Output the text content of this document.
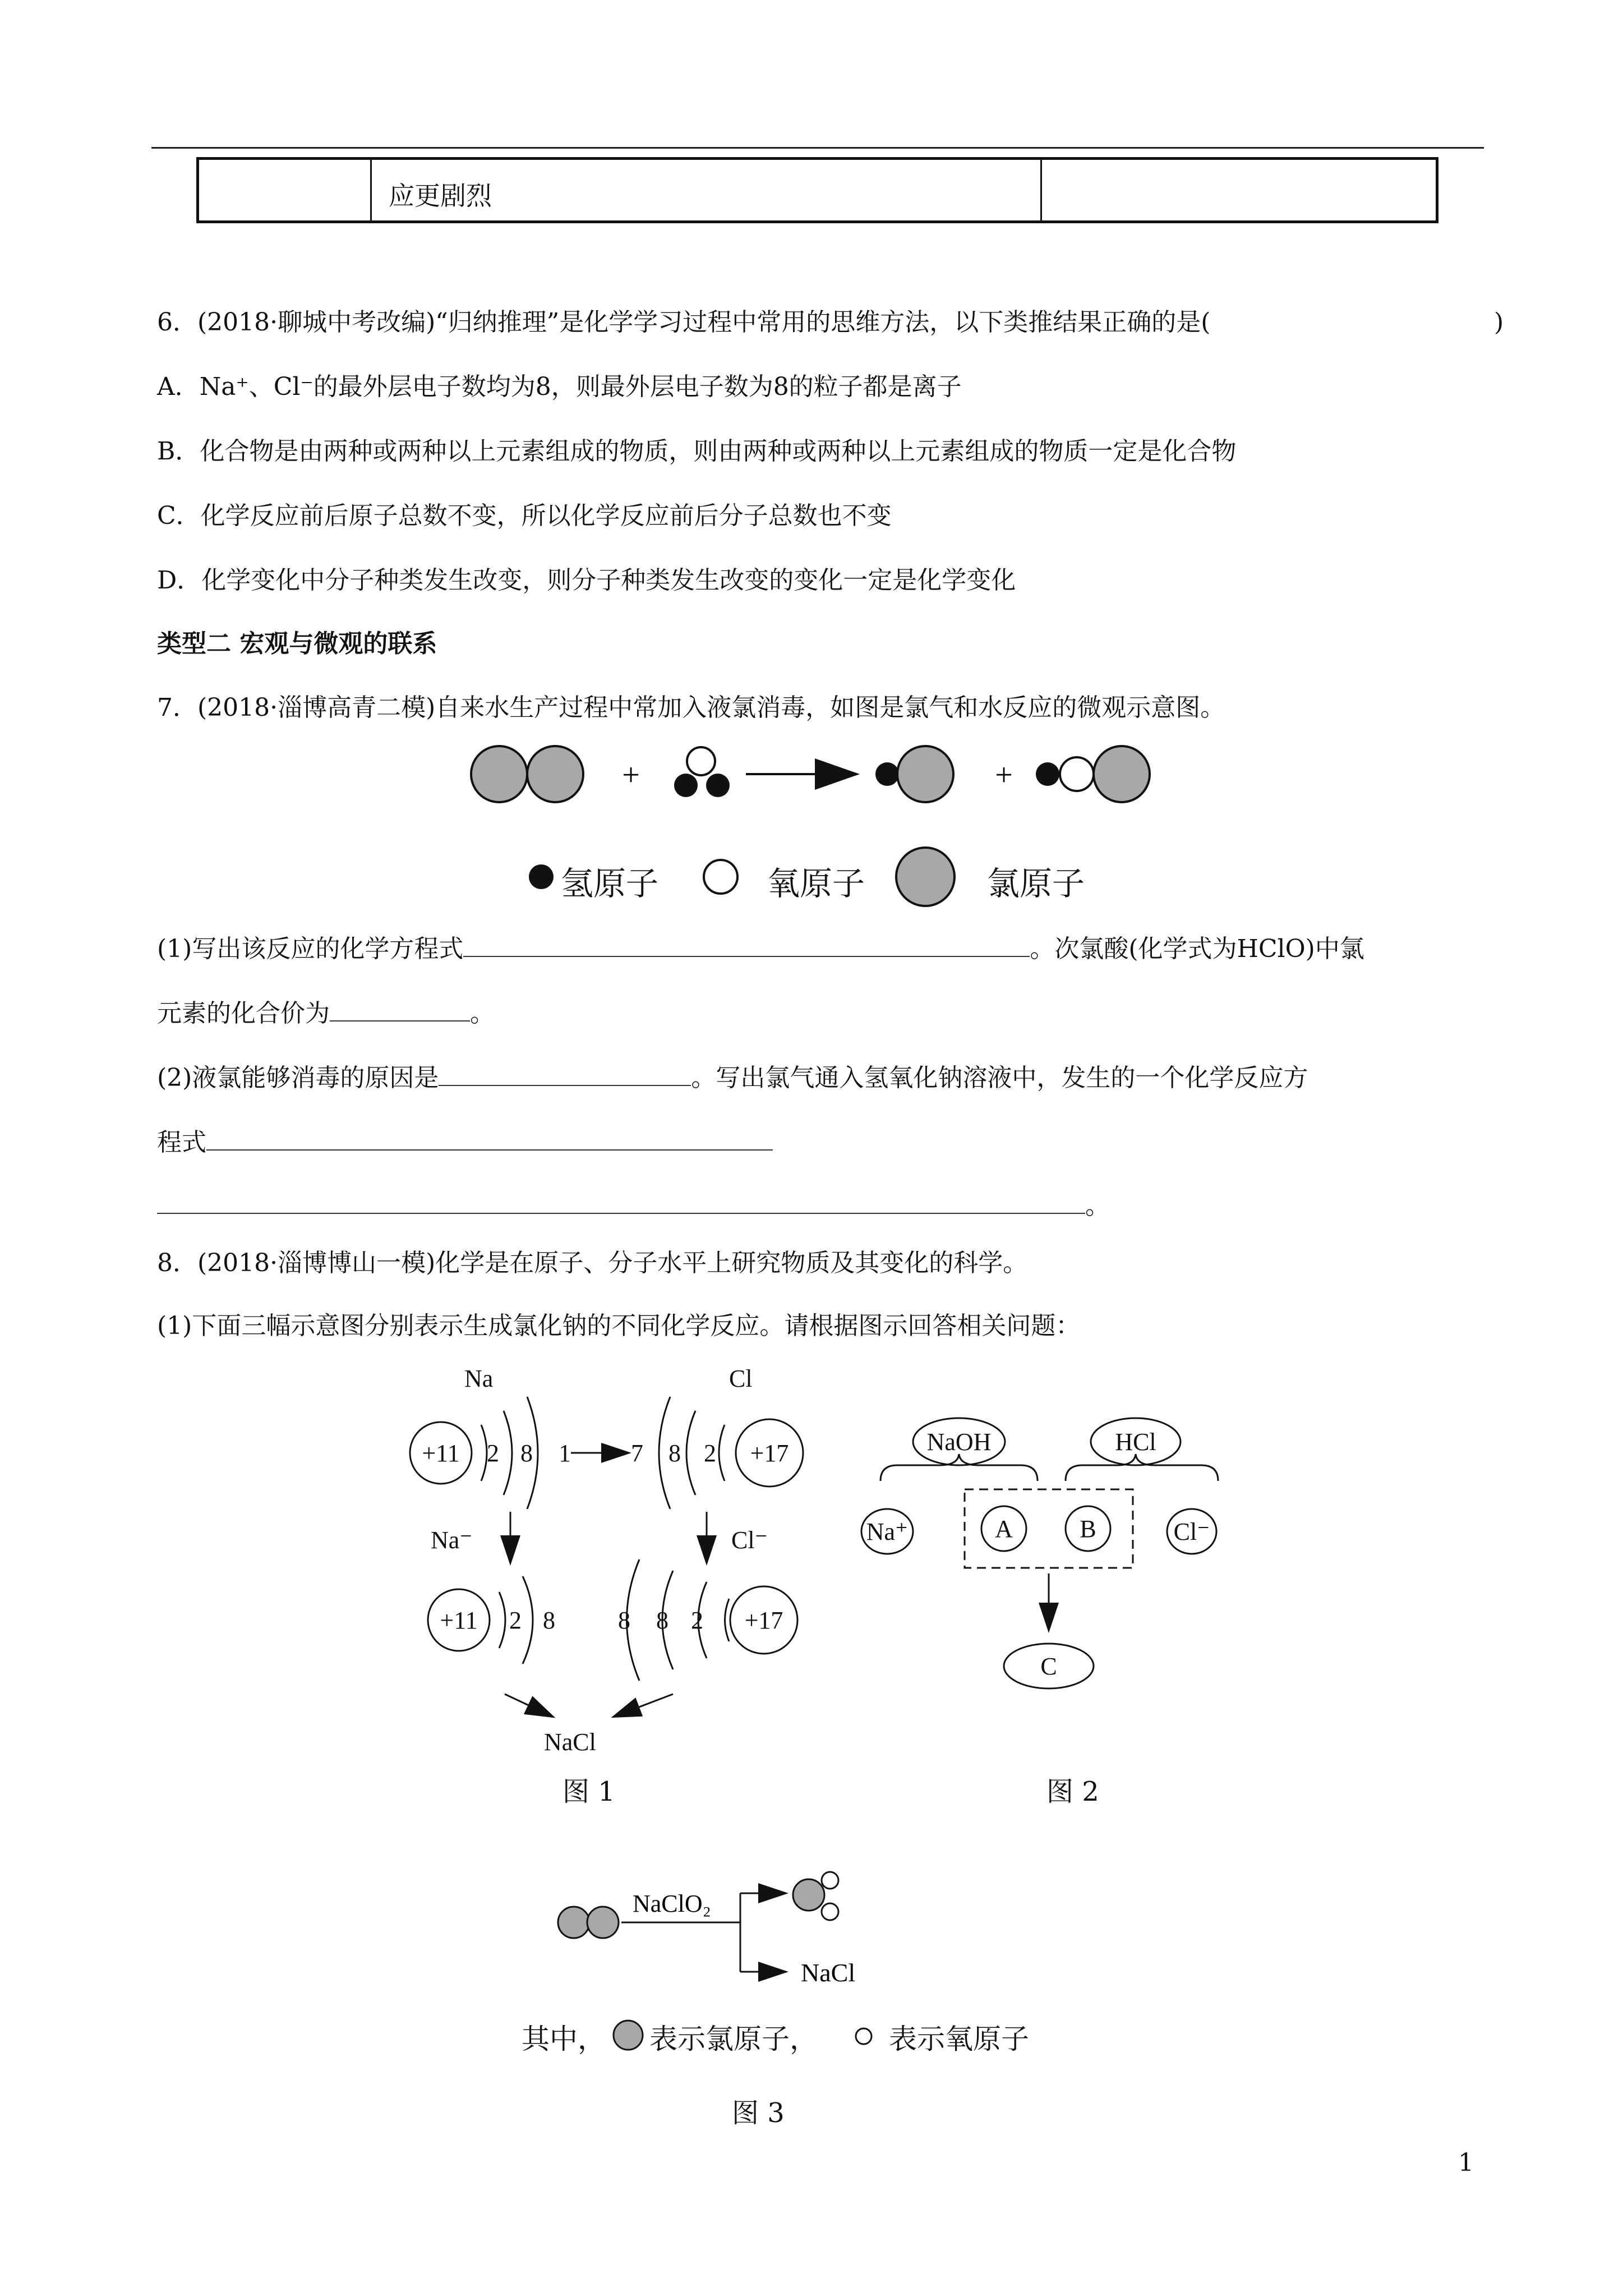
应更剧烈
6．(2018·聊城中考改编)“归纳推理”是化学学习过程中常用的思维方法，以下类推结果正确的是(	)
A．Na⁺、Cl⁻的最外层电子数均为8，则最外层电子数为8的粒子都是离子
B．化合物是由两种或两种以上元素组成的物质，则由两种或两种以上元素组成的物质一定是化合物
C．化学反应前后原子总数不变，所以化学反应前后分子总数也不变
D．化学变化中分子种类发生改变，则分子种类发生改变的变化一定是化学变化
类型二 宏观与微观的联系
7．(2018·淄博高青二模)自来水生产过程中常加入液氯消毒，如图是氯气和水反应的微观示意图。
+	+
氢原子	氧原子	氯原子
(1)写出该反应的化学方程式	。次氯酸(化学式为HClO)中氯
元素的化合价为	。
(2)液氯能够消毒的原因是	。写出氯气通入氢氧化钠溶液中，发生的一个化学反应方
程式
。
8．(2018·淄博博山一模)化学是在原子、分子水平上研究物质及其变化的科学。
(1)下面三幅示意图分别表示生成氯化钠的不同化学反应。请根据图示回答相关问题：
Na	Cl
+11 2 8 1 7 8 2 +17
Na⁻	Cl⁻
+11 2 8	8 8 2 +17
NaCl
图 1
NaOH	HCl
Na⁺	A	B	Cl⁻
C
图 2
NaClO₂
NaCl
其中， 表示氯原子，	表示氧原子
图 3
1
